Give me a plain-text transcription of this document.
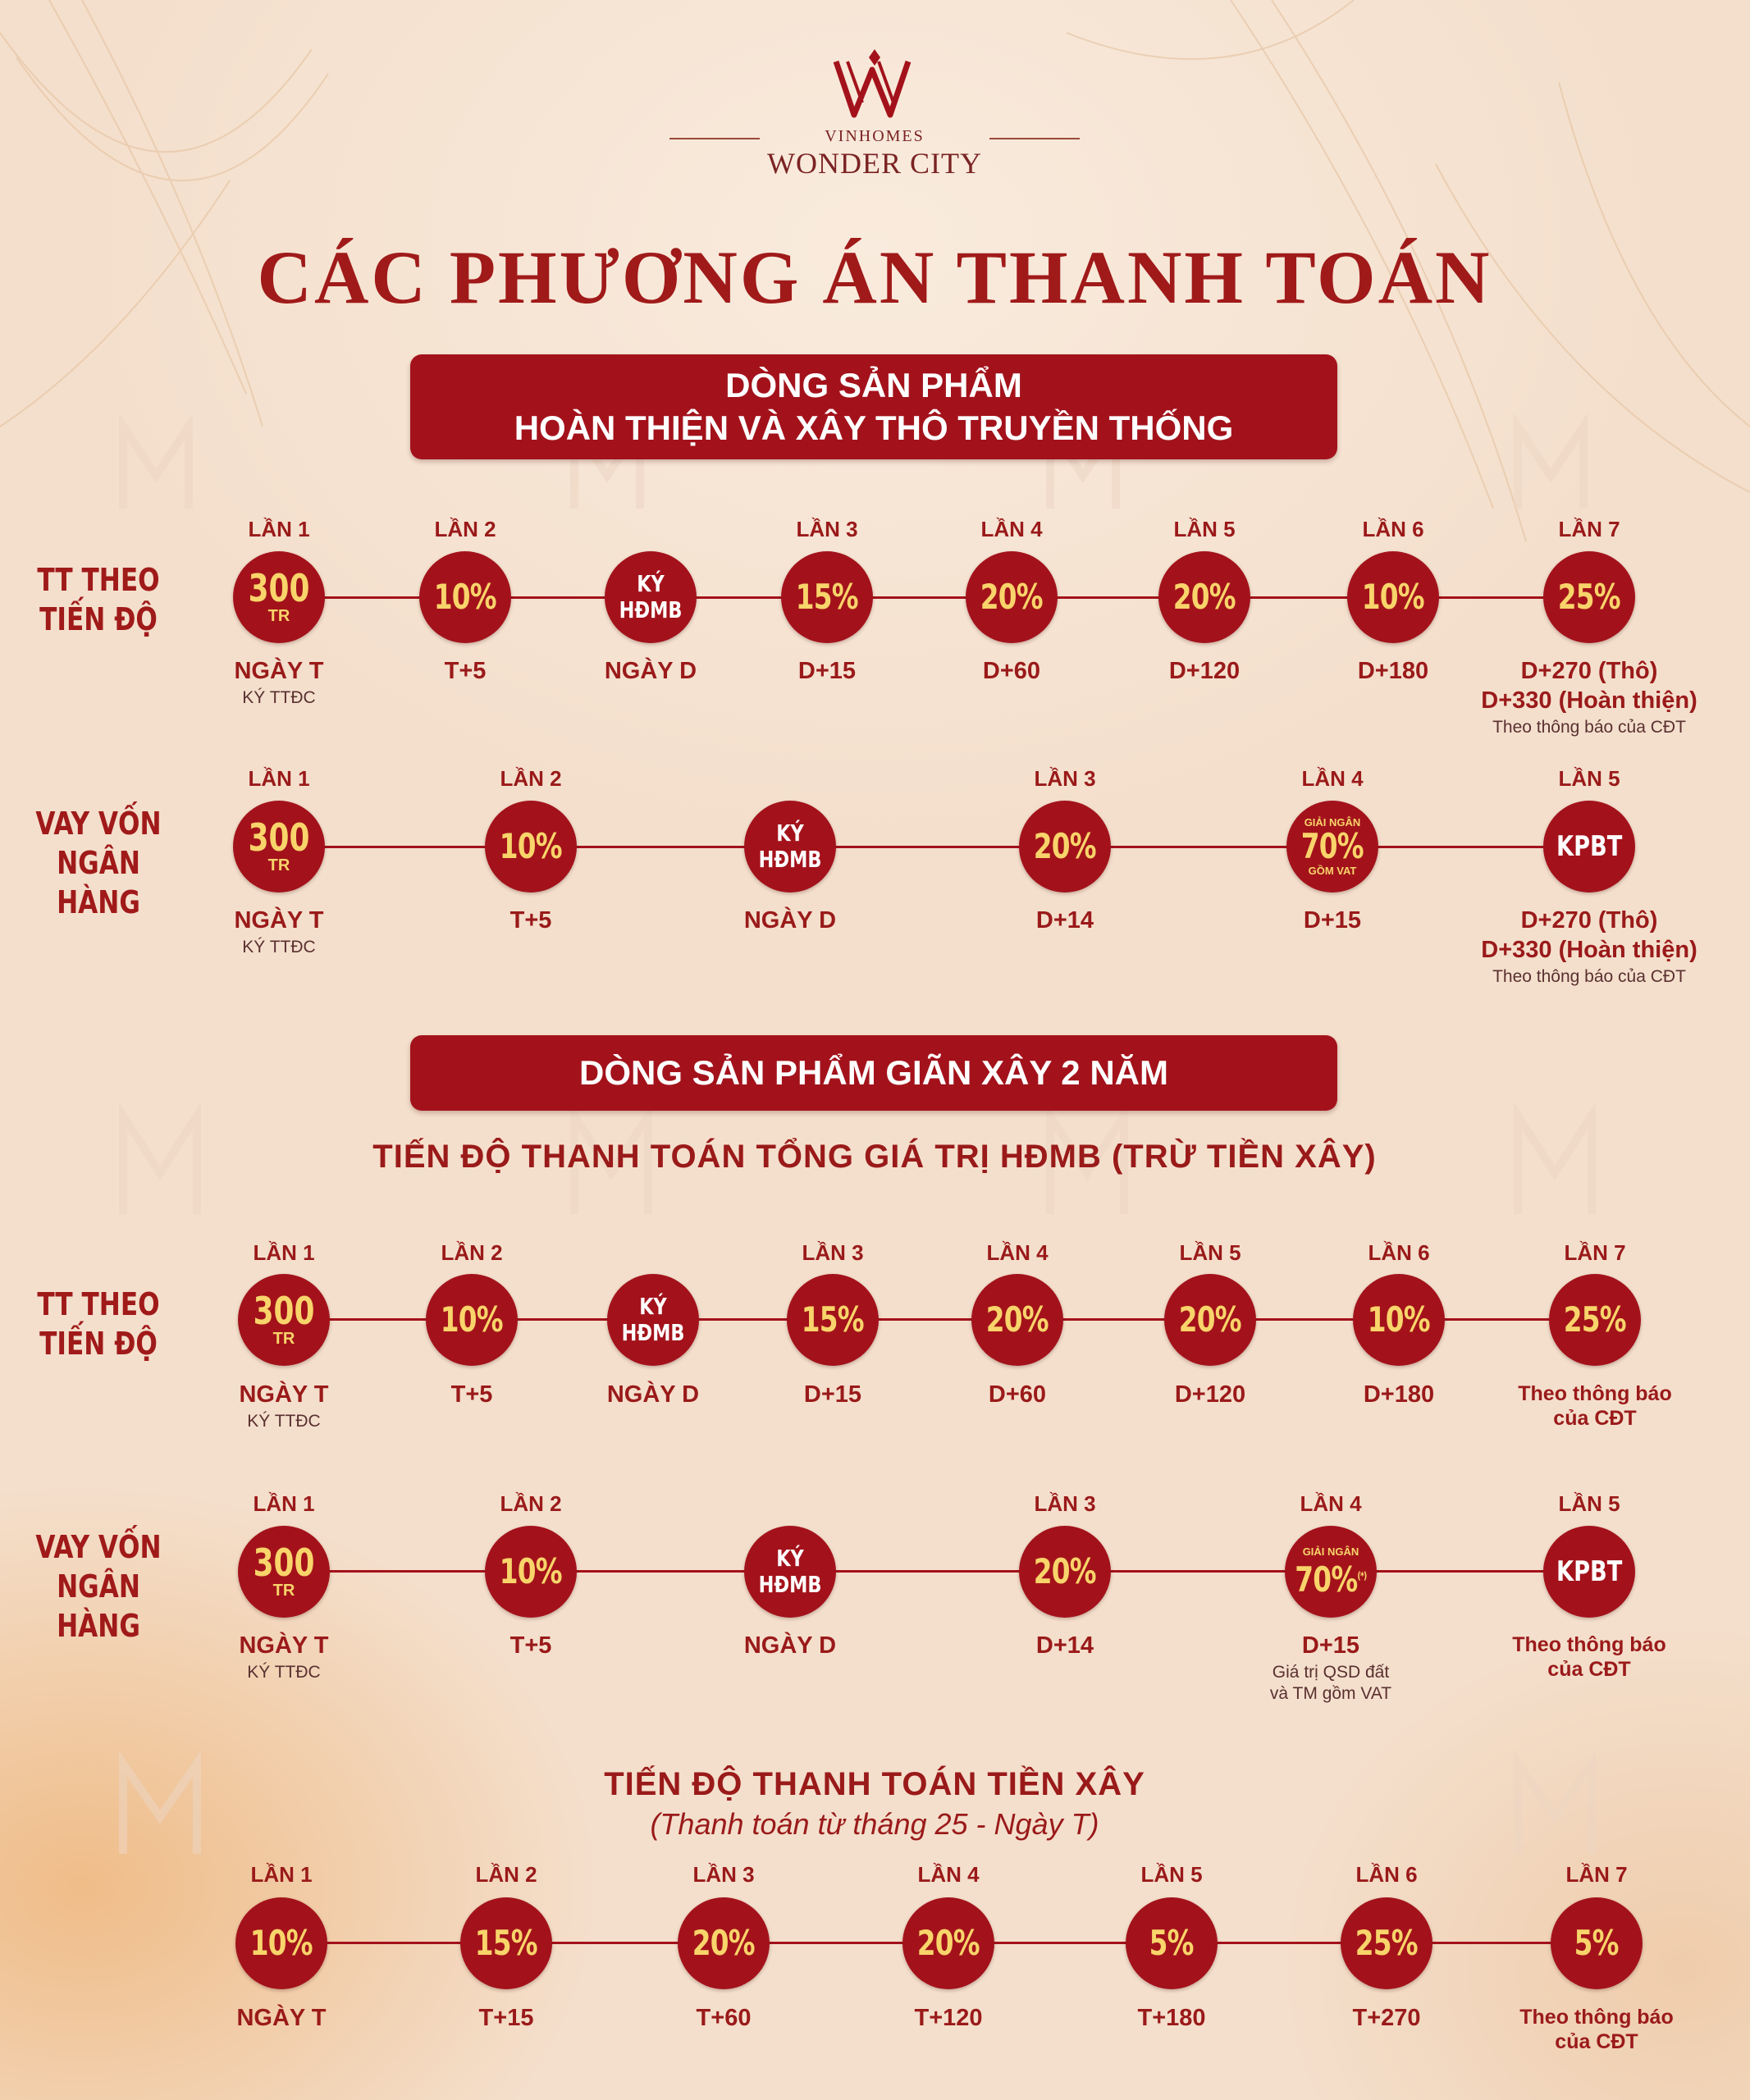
VINHOMES
WONDER CITY
CÁC PHƯƠNG ÁN THANH TOÁN
DÒNG SẢN PHẨM
HOÀN THIỆN VÀ XÂY THÔ TRUYỀN THỐNG
TT THEO
TIẾN ĐỘ
VAY VỐN
NGÂN HÀNG
DÒNG SẢN PHẨM GIÃN XÂY 2 NĂM
TIẾN ĐỘ THANH TOÁN TỔNG GIÁ TRỊ HĐMB (TRỪ TIỀN XÂY)
TT THEO
TIẾN ĐỘ
VAY VỐN
NGÂN HÀNG
TIẾN ĐỘ THANH TOÁN TIỀN XÂY
(Thanh toán từ tháng 25 - Ngày T)
LẦN 1
300
TR
NGÀY T
KÝ TTĐC
LẦN 2
10%
T+5
KÝ
HĐMB
NGÀY D
LẦN 3
15%
D+15
LẦN 4
20%
D+60
LẦN 5
20%
D+120
LẦN 6
10%
D+180
LẦN 7
25%
D+270 (Thô)
D+330 (Hoàn thiện)
Theo thông báo của CĐT
LẦN 1
300
TR
NGÀY T
KÝ TTĐC
LẦN 2
10%
T+5
KÝ
HĐMB
NGÀY D
LẦN 3
20%
D+14
LẦN 4
GIẢI NGÂN
70%
GỒM VAT
D+15
LẦN 5
KPBT
D+270 (Thô)
D+330 (Hoàn thiện)
Theo thông báo của CĐT
LẦN 1
300
TR
NGÀY T
KÝ TTĐC
LẦN 2
10%
T+5
KÝ
HĐMB
NGÀY D
LẦN 3
15%
D+15
LẦN 4
20%
D+60
LẦN 5
20%
D+120
LẦN 6
10%
D+180
LẦN 7
25%
Theo thông báo
của CĐT
LẦN 1
300
TR
NGÀY T
KÝ TTĐC
LẦN 2
10%
T+5
KÝ
HĐMB
NGÀY D
LẦN 3
20%
D+14
LẦN 4
GIẢI NGÂN
70%(*)
D+15
Giá trị QSD đất
và TM gồm VAT
LẦN 5
KPBT
Theo thông báo
của CĐT
LẦN 1
10%
NGÀY T
LẦN 2
15%
T+15
LẦN 3
20%
T+60
LẦN 4
20%
T+120
LẦN 5
5%
T+180
LẦN 6
25%
T+270
LẦN 7
5%
Theo thông báo
của CĐT
